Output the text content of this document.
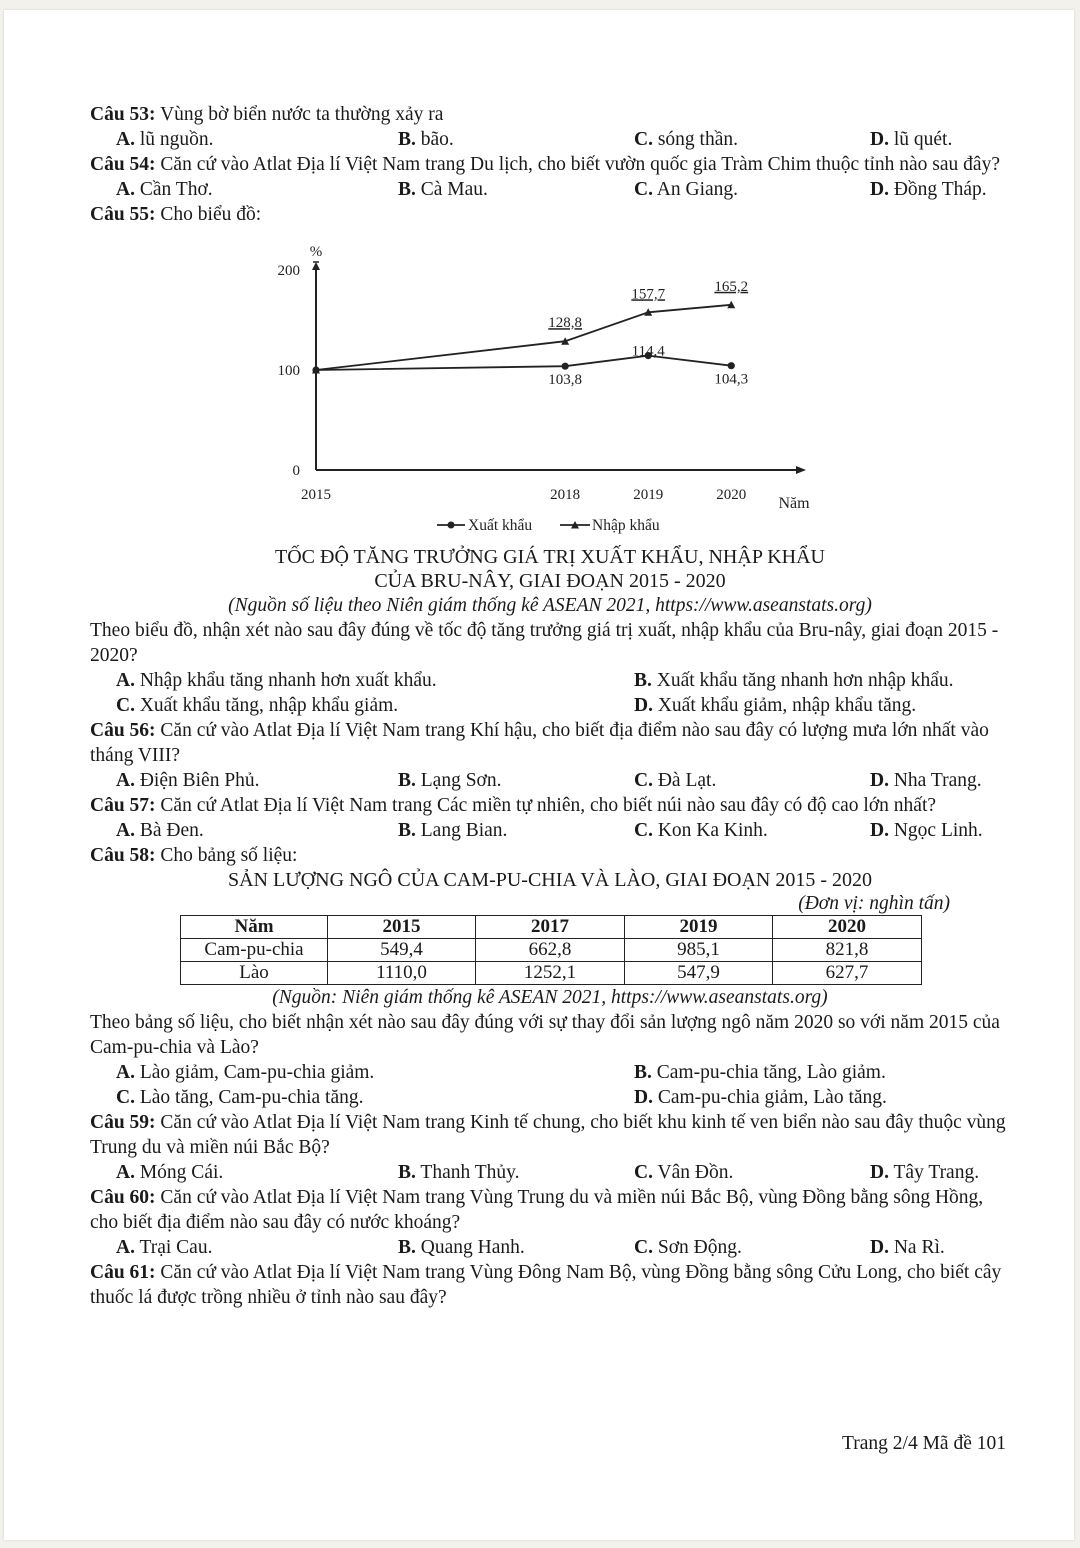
Câu 53: Vùng bờ biển nước ta thường xảy ra

A. lũ nguồn.	B. bão.	C. sóng thần.	D. lũ quét.

Câu 54: Căn cứ vào Atlat Địa lí Việt Nam trang Du lịch, cho biết vườn quốc gia Tràm Chim thuộc tỉnh nào sau đây?

A. Cần Thơ.	B. Cà Mau.	C. An Giang.	D. Đồng Tháp.

Câu 55: Cho biểu đồ:

%
0
100
200
2015	2018	2019	2020 Năm
103,8
114,4
104,3
128,8
157,7	165,2
Xuất khẩu	Nhập khẩu
TỐC ĐỘ TĂNG TRƯỞNG GIÁ TRỊ XUẤT KHẨU, NHẬP KHẨU
CỦA BRU-NÂY, GIAI ĐOẠN 2015 - 2020
(Nguồn số liệu theo Niên giám thống kê ASEAN 2021, https://www.aseanstats.org)

Theo biểu đồ, nhận xét nào sau đây đúng về tốc độ tăng trưởng giá trị xuất, nhập khẩu của Bru-nây, giai đoạn 2015 - 2020?

A. Nhập khẩu tăng nhanh hơn xuất khẩu.	B. Xuất khẩu tăng nhanh hơn nhập khẩu.
C. Xuất khẩu tăng, nhập khẩu giảm.	D. Xuất khẩu giảm, nhập khẩu tăng.

Câu 56: Căn cứ vào Atlat Địa lí Việt Nam trang Khí hậu, cho biết địa điểm nào sau đây có lượng mưa lớn nhất vào tháng VIII?

A. Điện Biên Phủ.	B. Lạng Sơn.	C. Đà Lạt.	D. Nha Trang.

Câu 57: Căn cứ Atlat Địa lí Việt Nam trang Các miền tự nhiên, cho biết núi nào sau đây có độ cao lớn nhất?

A. Bà Đen.	B. Lang Bian.	C. Kon Ka Kinh.	D. Ngọc Linh.

Câu 58: Cho bảng số liệu:

SẢN LƯỢNG NGÔ CỦA CAM-PU-CHIA VÀ LÀO, GIAI ĐOẠN 2015 - 2020
(Đơn vị: nghìn tấn)
Năm	2015	2017	2019	2020
Cam-pu-chia	549,4	662,8	985,1	821,8
Lào	1110,0	1252,1	547,9	627,7
(Nguồn: Niên giám thống kê ASEAN 2021, https://www.aseanstats.org)

Theo bảng số liệu, cho biết nhận xét nào sau đây đúng với sự thay đổi sản lượng ngô năm 2020 so với năm 2015 của Cam-pu-chia và Lào?

A. Lào giảm, Cam-pu-chia giảm.	B. Cam-pu-chia tăng, Lào giảm.
C. Lào tăng, Cam-pu-chia tăng.	D. Cam-pu-chia giảm, Lào tăng.

Câu 59: Căn cứ vào Atlat Địa lí Việt Nam trang Kinh tế chung, cho biết khu kinh tế ven biển nào sau đây thuộc vùng Trung du và miền núi Bắc Bộ?

A. Móng Cái.	B. Thanh Thủy.	C. Vân Đồn.	D. Tây Trang.

Câu 60: Căn cứ vào Atlat Địa lí Việt Nam trang Vùng Trung du và miền núi Bắc Bộ, vùng Đồng bằng sông Hồng, cho biết địa điểm nào sau đây có nước khoáng?

A. Trại Cau.	B. Quang Hanh.	C. Sơn Động.	D. Na Rì.

Câu 61: Căn cứ vào Atlat Địa lí Việt Nam trang Vùng Đông Nam Bộ, vùng Đồng bằng sông Cửu Long, cho biết cây thuốc lá được trồng nhiều ở tỉnh nào sau đây?

Trang 2/4 Mã đề 101
